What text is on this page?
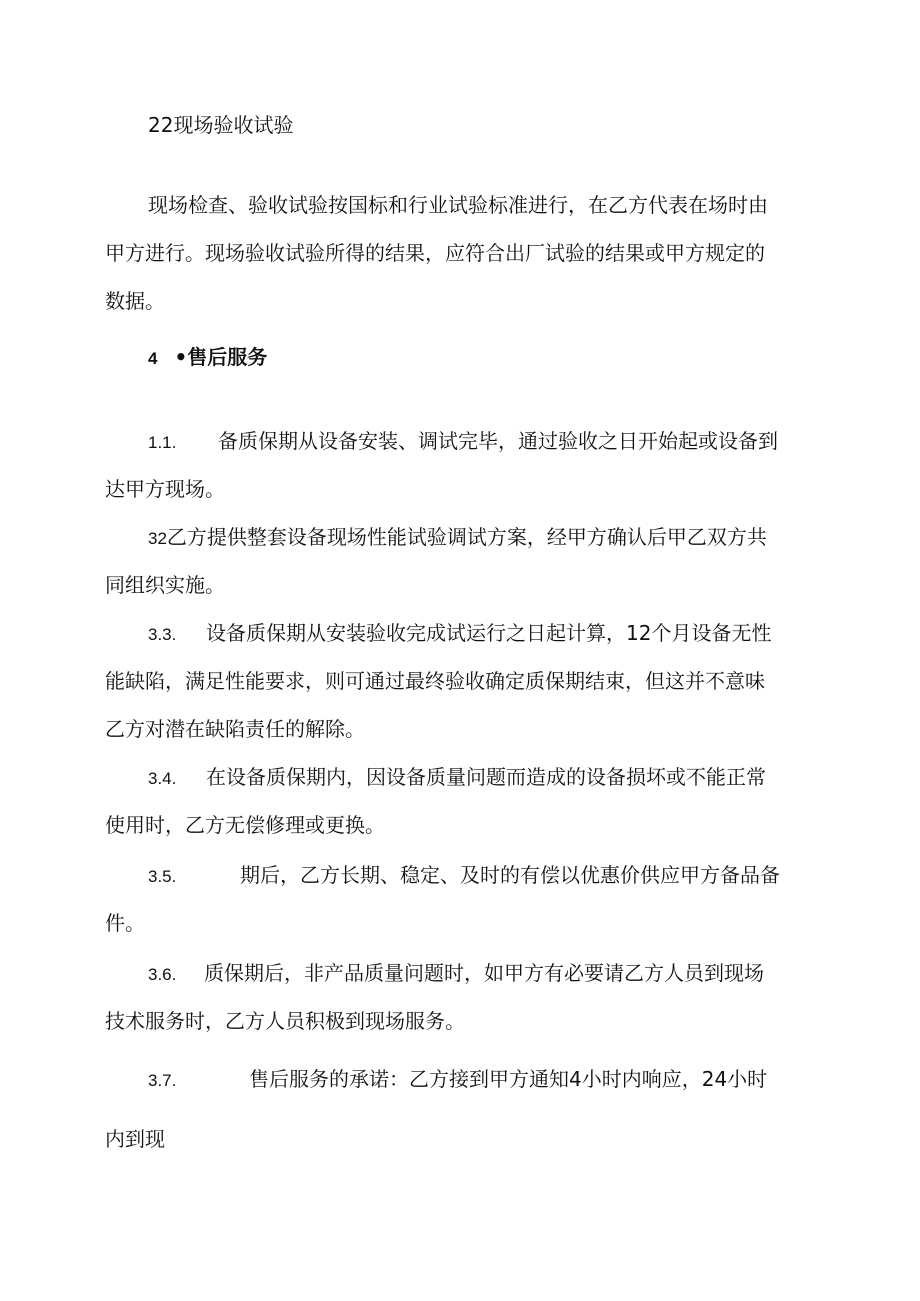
22现场验收试验
现场检查、验收试验按国标和行业试验标准进行，在乙方代表在场时由
甲方进行。现场验收试验所得的结果，应符合出厂试验的结果或甲方规定的
数据。
4 •售后服务
1.1. 备质保期从设备安装、调试完毕，通过验收之日开始起或设备到
达甲方现场。
32乙方提供整套设备现场性能试验调试方案，经甲方确认后甲乙双方共
同组织实施。
3.3. 设备质保期从安装验收完成试运行之日起计算，12个月设备无性
能缺陷，满足性能要求，则可通过最终验收确定质保期结束，但这并不意味
乙方对潜在缺陷责任的解除。
3.4. 在设备质保期内，因设备质量问题而造成的设备损坏或不能正常
使用时，乙方无偿修理或更换。
3.5.	期后，乙方长期、稳定、及时的有偿以优惠价供应甲方备品备
件。
3.6. 质保期后，非产品质量问题时，如甲方有必要请乙方人员到现场
技术服务时，乙方人员积极到现场服务。
3.7.	售后服务的承诺：乙方接到甲方通知4小时内响应，24小时
内到现
